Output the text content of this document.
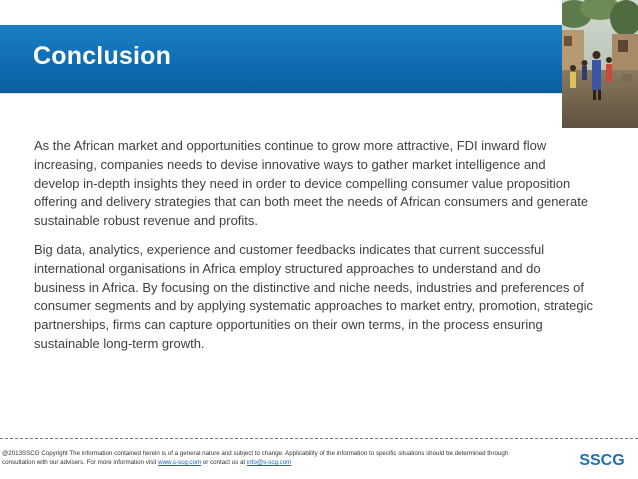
Conclusion

As the African market and opportunities continue to grow more attractive, FDI inward flow increasing, companies needs to devise innovative ways to gather market intelligence and develop in-depth insights they need in order to device compelling consumer value proposition offering and delivery strategies that can both meet the needs of African consumers and generate sustainable robust revenue and profits.

Big data, analytics, experience and customer feedbacks indicates that current successful international organisations in Africa employ structured approaches to understand and do business in Africa. By focusing on the distinctive and niche needs, industries and preferences of consumer segments and by applying systematic approaches to market entry, promotion, strategic partnerships, firms can capture opportunities on their own terms, in the process ensuring sustainable long-term growth.

@2013SSCG Copyright The information contained herein is of a general nature and subject to change. Applicability of the information to specific situations should be determined through consultation with our advisers. For more information visit www.s-scg.com or contact us at info@s-scg.com	SSCG
